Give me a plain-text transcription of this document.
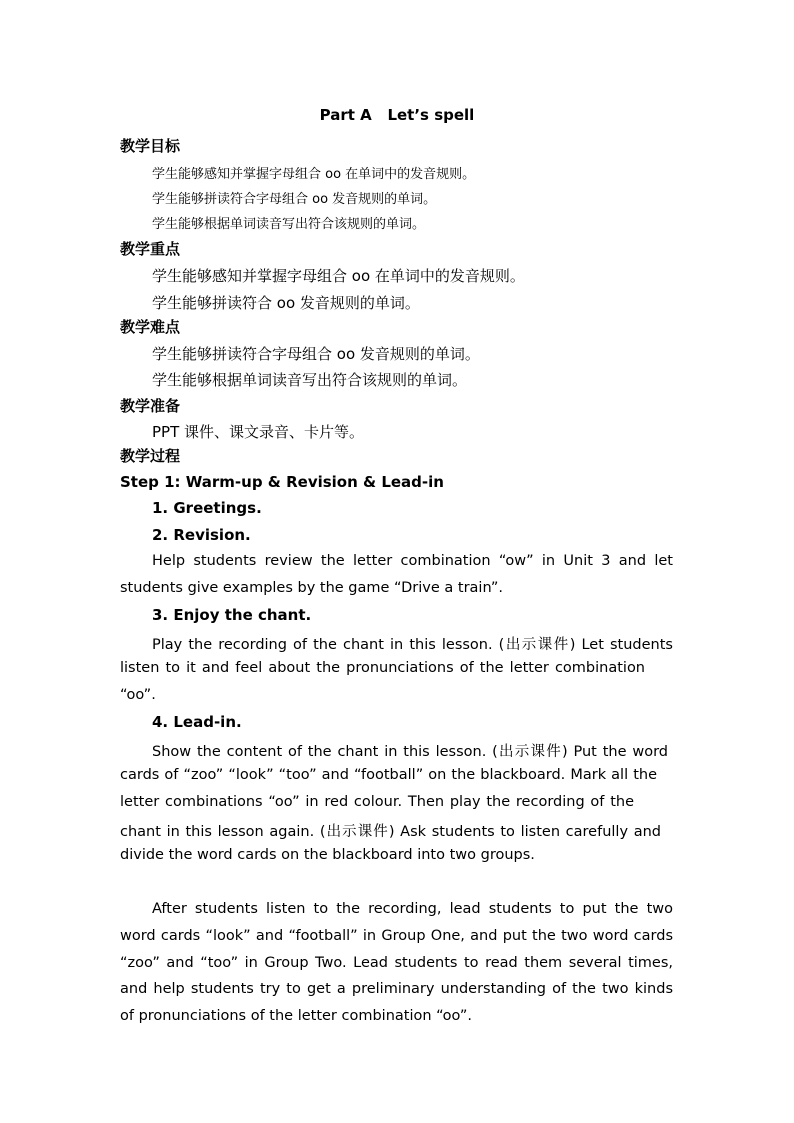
Part A   Let’s spell
教学目标
学生能够感知并掌握字母组合 oo 在单词中的发音规则。
学生能够拼读符合字母组合 oo 发音规则的单词。
学生能够根据单词读音写出符合该规则的单词。
教学重点
学生能够感知并掌握字母组合 oo 在单词中的发音规则。
学生能够拼读符合 oo 发音规则的单词。
教学难点
学生能够拼读符合字母组合 oo 发音规则的单词。
学生能够根据单词读音写出符合该规则的单词。
教学准备
PPT 课件、课文录音、卡片等。
教学过程
Step 1: Warm-up & Revision & Lead-in
1. Greetings.
2. Revision.
Help students review the letter combination “ow” in Unit 3 and let
students give examples by the game “Drive a train”.
3. Enjoy the chant.
Play the recording of the chant in this lesson. (出示课件) Let students
listen to it and feel about the pronunciations of the letter combination
“oo”.
4. Lead-in.
Show the content of the chant in this lesson. (出示课件) Put the word
cards of “zoo” “look” “too” and “football” on the blackboard. Mark all the
letter combinations “oo” in red colour. Then play the recording of the
chant in this lesson again. (出示课件) Ask students to listen carefully and
divide the word cards on the blackboard into two groups.
After students listen to the recording, lead students to put the two
word cards “look” and “football” in Group One, and put the two word cards
“zoo” and “too” in Group Two. Lead students to read them several times,
and help students try to get a preliminary understanding of the two kinds
of pronunciations of the letter combination “oo”.
